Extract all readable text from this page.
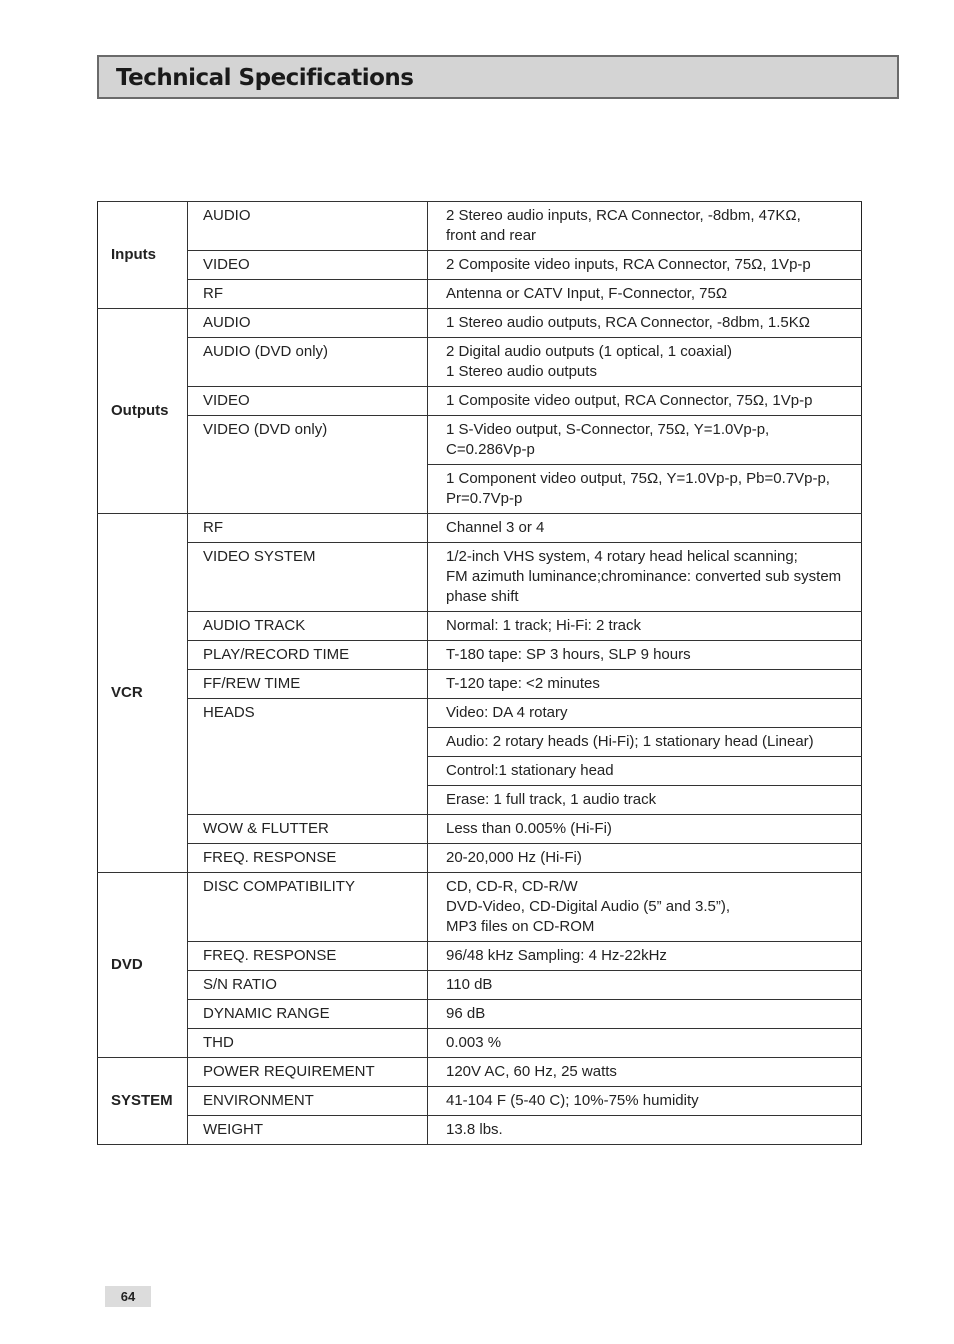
Technical Specifications
Inputs	AUDIO	2 Stereo audio inputs, RCA Connector, -8dbm, 47KΩ,
front and rear
	VIDEO	2 Composite video inputs, RCA Connector, 75Ω, 1Vp-p
	RF	Antenna or CATV Input, F-Connector, 75Ω
Outputs	AUDIO	1 Stereo audio outputs, RCA Connector, -8dbm, 1.5KΩ
	AUDIO (DVD only)	2 Digital audio outputs (1 optical, 1 coaxial)
1 Stereo audio outputs
	VIDEO	1 Composite video output, RCA Connector, 75Ω, 1Vp-p
	VIDEO (DVD only)	1 S-Video output, S-Connector, 75Ω, Y=1.0Vp-p,
C=0.286Vp-p
		1 Component video output, 75Ω, Y=1.0Vp-p, Pb=0.7Vp-p,
Pr=0.7Vp-p
VCR	RF	Channel 3 or 4
	VIDEO SYSTEM	1/2-inch VHS system, 4 rotary head helical scanning;
FM azimuth luminance;chrominance: converted sub system
phase shift
	AUDIO TRACK	Normal: 1 track; Hi-Fi: 2 track
	PLAY/RECORD TIME	T-180 tape: SP 3 hours, SLP 9 hours
	FF/REW TIME	T-120 tape: <2 minutes
	HEADS	Video: DA 4 rotary
		Audio: 2 rotary heads (Hi-Fi); 1 stationary head (Linear)
		Control:1 stationary head
		Erase: 1 full track, 1 audio track
	WOW & FLUTTER	Less than 0.005% (Hi-Fi)
	FREQ. RESPONSE	20-20,000 Hz (Hi-Fi)
DVD	DISC COMPATIBILITY	CD, CD-R, CD-R/W
DVD-Video, CD-Digital Audio (5” and 3.5”),
MP3 files on CD-ROM
	FREQ. RESPONSE	96/48 kHz Sampling: 4 Hz-22kHz
	S/N RATIO	110 dB
	DYNAMIC RANGE	96 dB
	THD	0.003 %
SYSTEM	POWER REQUIREMENT	120V AC, 60 Hz, 25 watts
	ENVIRONMENT	41-104 F (5-40 C); 10%-75% humidity
	WEIGHT	13.8 lbs.
64
